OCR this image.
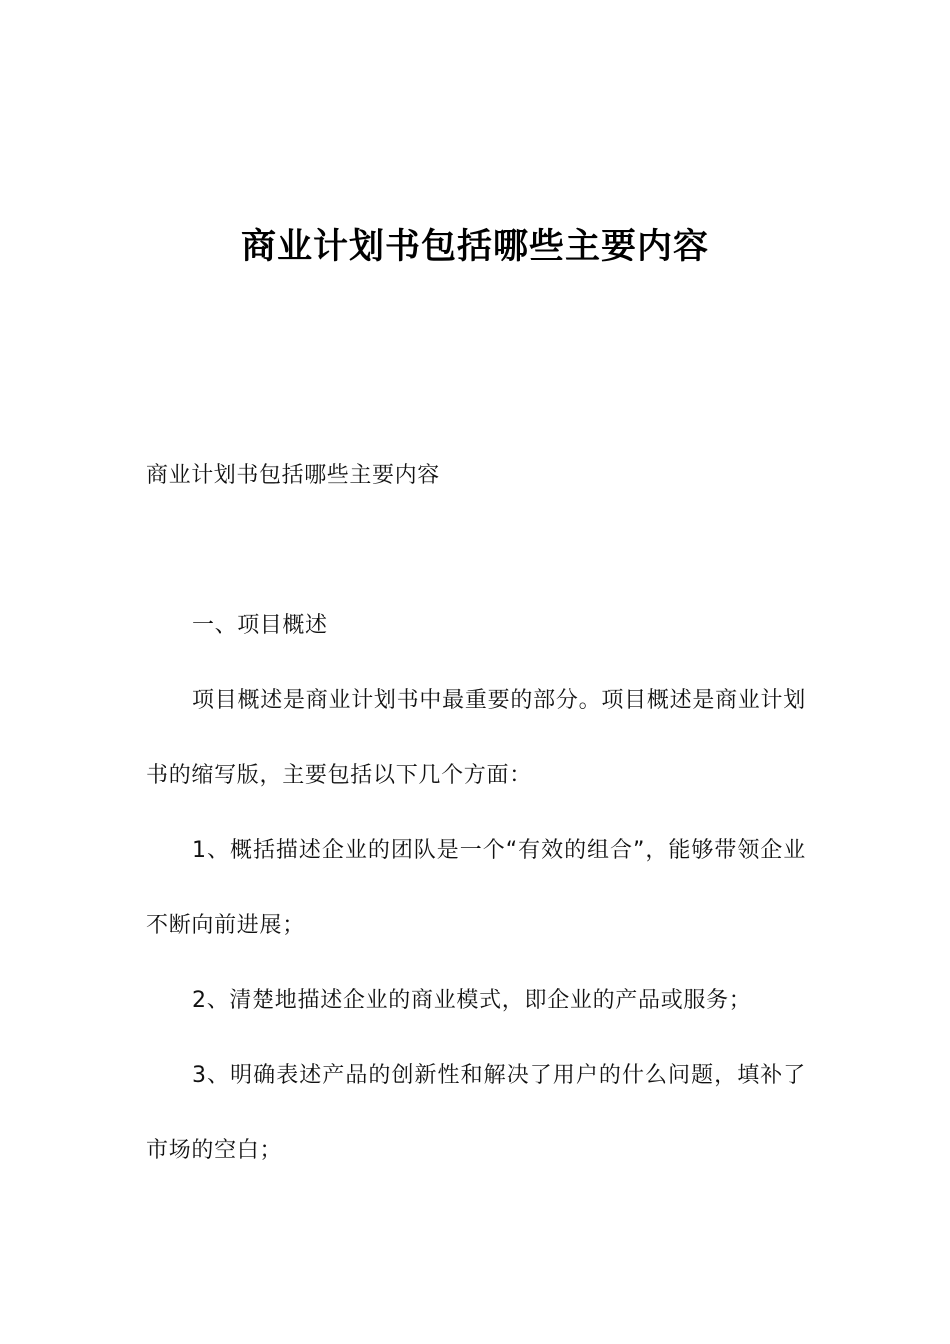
商业计划书包括哪些主要内容

商业计划书包括哪些主要内容

一、项目概述

项目概述是商业计划书中最重要的部分。项目概述是商业计划书的缩写版，主要包括以下几个方面：

1、概括描述企业的团队是一个“有效的组合”，能够带领企业不断向前进展；

2、清楚地描述企业的商业模式，即企业的产品或服务；

3、明确表述产品的创新性和解决了用户的什么问题，填补了市场的空白；
